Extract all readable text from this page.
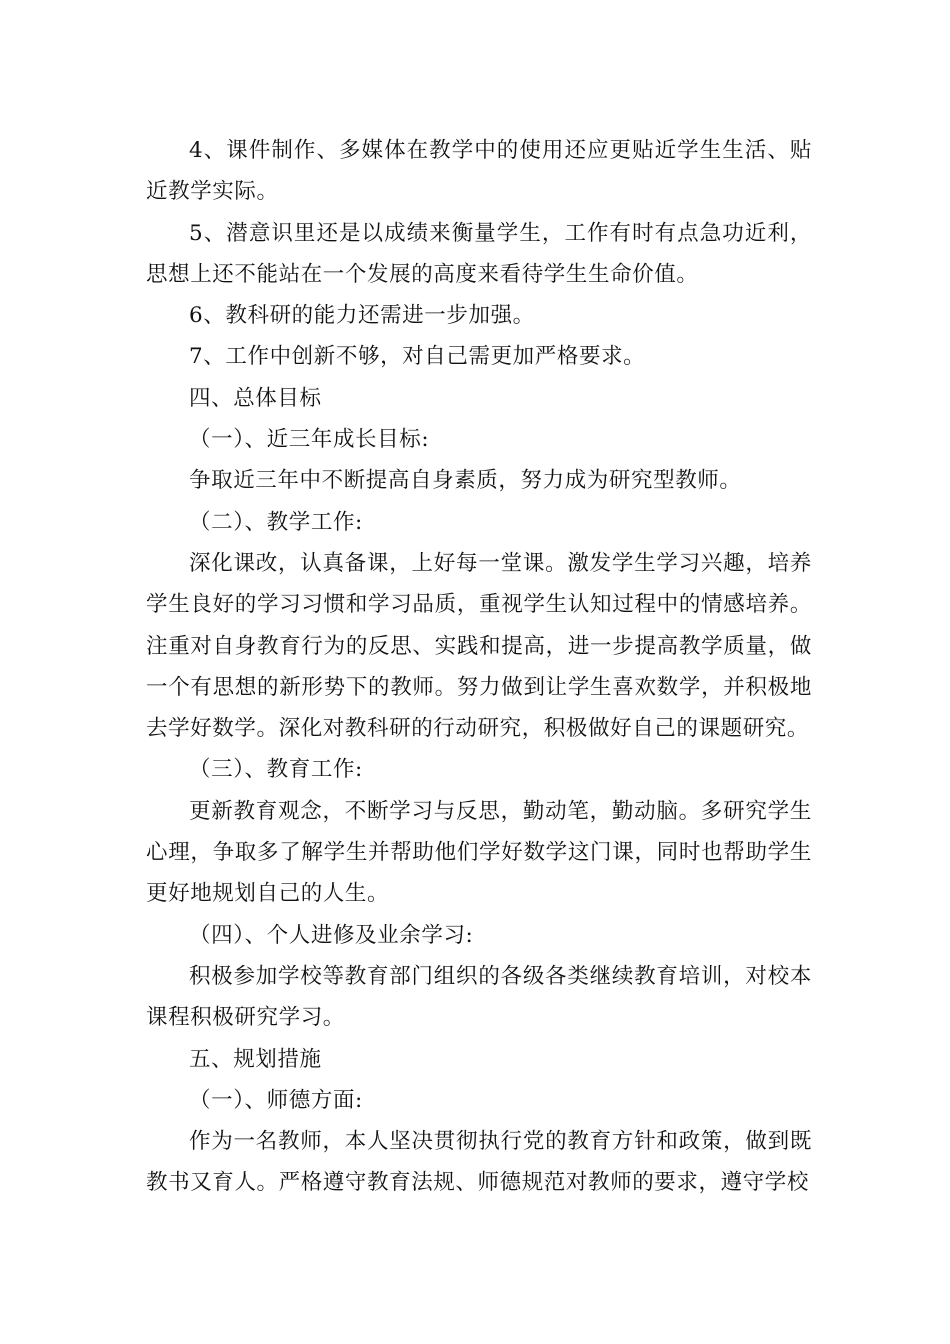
4、课件制作、多媒体在教学中的使用还应更贴近学生生活、贴近教学实际。

5、潜意识里还是以成绩来衡量学生，工作有时有点急功近利，思想上还不能站在一个发展的高度来看待学生生命价值。

6、教科研的能力还需进一步加强。

7、工作中创新不够，对自己需更加严格要求。

四、总体目标

（一）、近三年成长目标:

争取近三年中不断提高自身素质，努力成为研究型教师。

（二）、教学工作:

深化课改，认真备课，上好每一堂课。激发学生学习兴趣，培养学生良好的学习习惯和学习品质，重视学生认知过程中的情感培养。注重对自身教育行为的反思、实践和提高，进一步提高教学质量，做一个有思想的新形势下的教师。努力做到让学生喜欢数学，并积极地去学好数学。深化对教科研的行动研究，积极做好自己的课题研究。

（三）、教育工作:

更新教育观念，不断学习与反思，勤动笔，勤动脑。多研究学生心理，争取多了解学生并帮助他们学好数学这门课，同时也帮助学生更好地规划自己的人生。

（四）、个人进修及业余学习:

积极参加学校等教育部门组织的各级各类继续教育培训，对校本课程积极研究学习。

五、规划措施

（一）、师德方面:

作为一名教师，本人坚决贯彻执行党的教育方针和政策，做到既教书又育人。严格遵守教育法规、师德规范对教师的要求，遵守学校
